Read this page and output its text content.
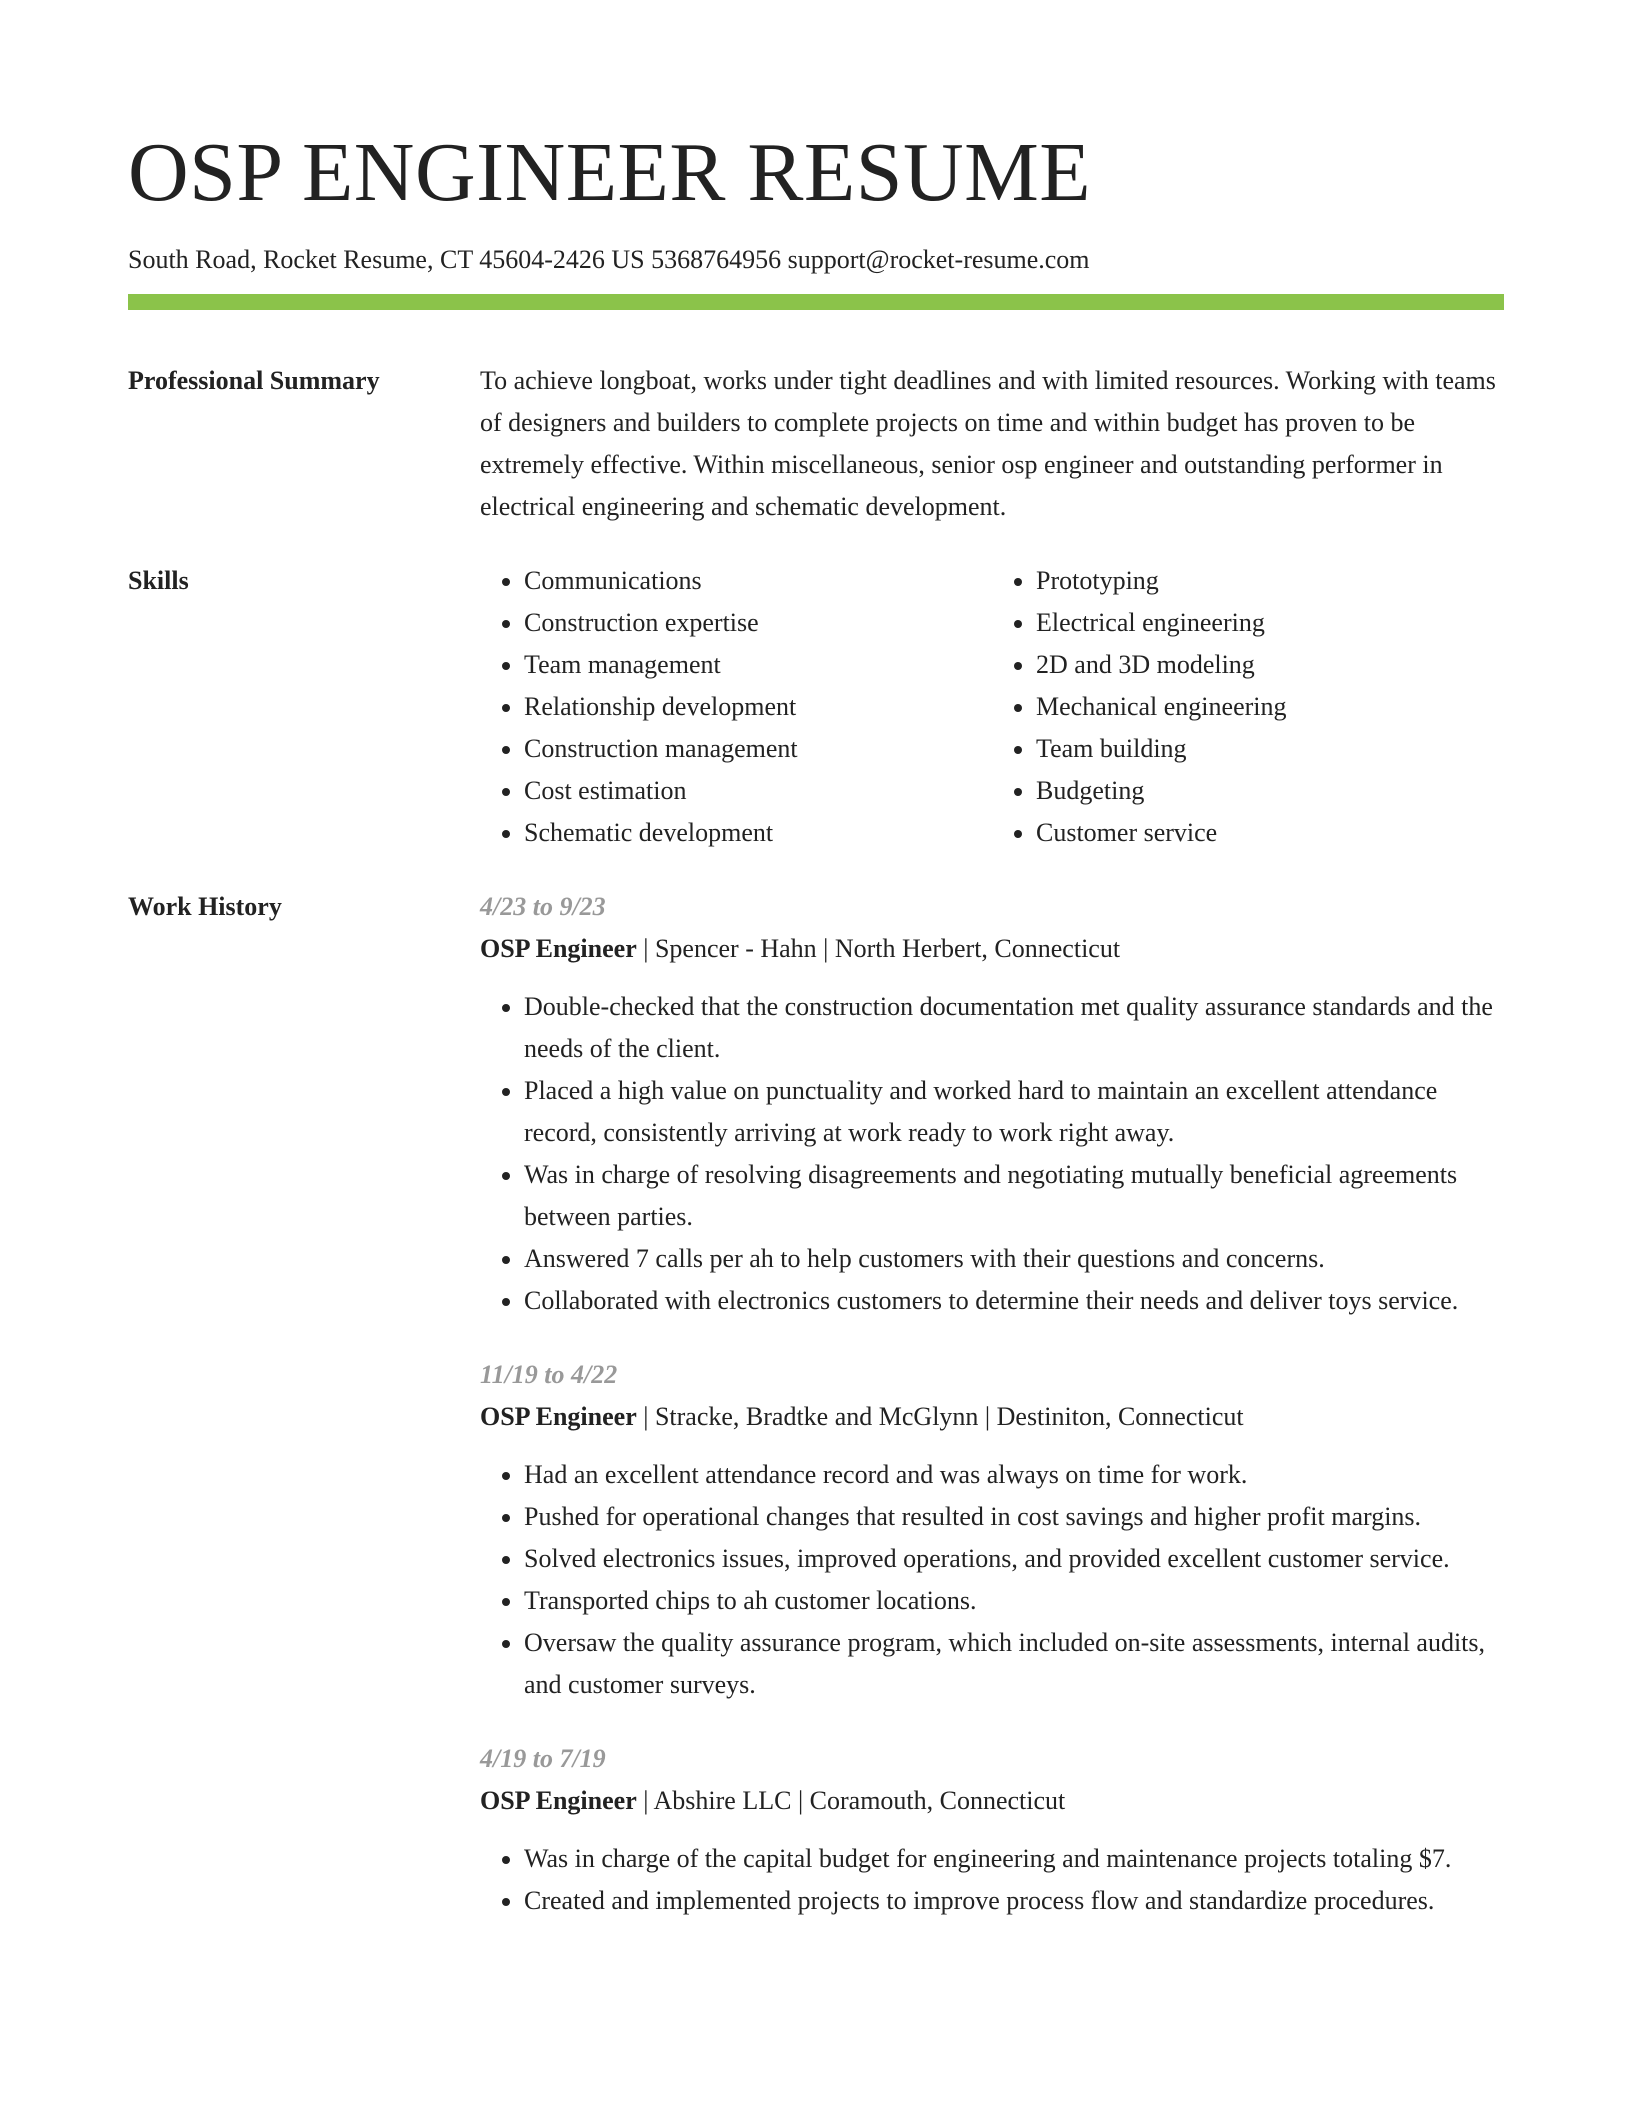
OSP ENGINEER RESUME
South Road, Rocket Resume, CT 45604-2426 US 5368764956 support@rocket-resume.com
Professional Summary	To achieve longboat, works under tight deadlines and with limited resources. Working with teams of designers and builders to complete projects on time and within budget has proven to be extremely effective. Within miscellaneous, senior osp engineer and outstanding performer in electrical engineering and schematic development.

Skills
•	Communications
• Construction expertise
• Team management
• Relationship development
• Construction management
• Cost estimation
• Schematic development
• Prototyping
• Electrical engineering
• 2D and 3D modeling
• Mechanical engineering
• Team building
• Budgeting
• Customer service
Work History	4/23 to 9/23
OSP Engineer | Spencer - Hahn | North Herbert, Connecticut
• Double-checked that the construction documentation met quality assurance standards and the needs of the client.
• Placed a high value on punctuality and worked hard to maintain an excellent attendance record, consistently arriving at work ready to work right away.
• Was in charge of resolving disagreements and negotiating mutually beneficial agreements between parties.
• Answered 7 calls per ah to help customers with their questions and concerns.
• Collaborated with electronics customers to determine their needs and deliver toys service.
11/19 to 4/22
OSP Engineer | Stracke, Bradtke and McGlynn | Destiniton, Connecticut
• Had an excellent attendance record and was always on time for work.
• Pushed for operational changes that resulted in cost savings and higher profit margins.
• Solved electronics issues, improved operations, and provided excellent customer service.
• Transported chips to ah customer locations.
• Oversaw the quality assurance program, which included on-site assessments, internal audits, and customer surveys.
4/19 to 7/19
OSP Engineer | Abshire LLC | Coramouth, Connecticut
• Was in charge of the capital budget for engineering and maintenance projects totaling $7.
• Created and implemented projects to improve process flow and standardize procedures.
